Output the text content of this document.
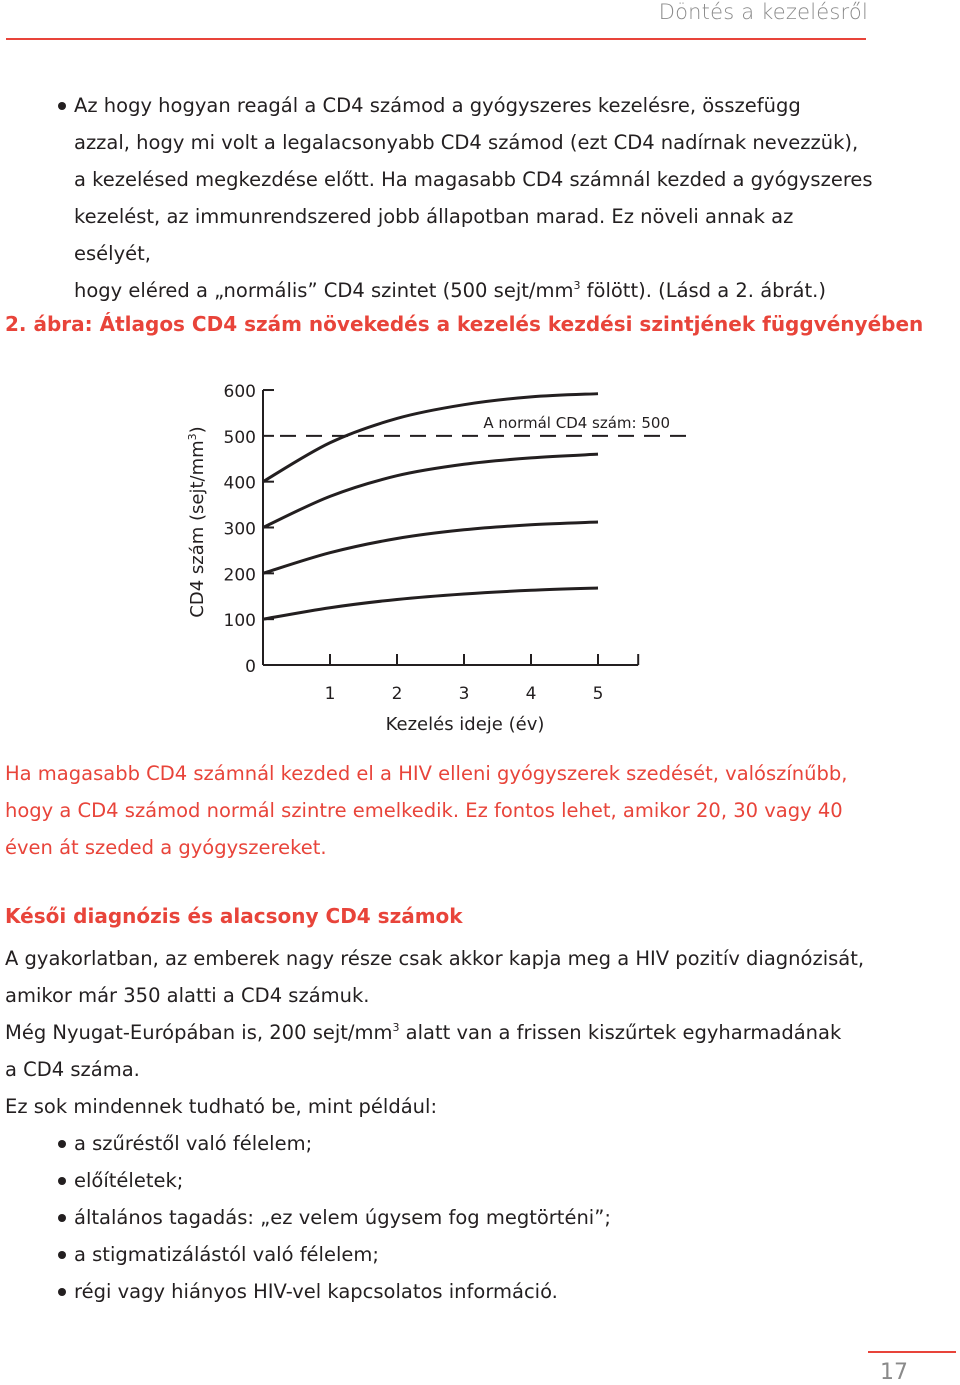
Döntés a kezelésről
Az hogy hogyan reagál a CD4 számod a gyógyszeres kezelésre, összefügg
azzal, hogy mi volt a legalacsonyabb CD4 számod (ezt CD4 nadírnak nevezzük),
a kezelésed megkezdése előtt. Ha magasabb CD4 számnál kezded a gyógyszeres
kezelést, az immunrendszered jobb állapotban marad. Ez növeli annak az esélyét,
hogy eléred a „normális” CD4 szintet (500 sejt/$mm^3$ fölött). (Lásd a 2. ábrát.)
2. ábra: Átlagos CD4 szám növekedés a kezelés kezdési szintjének függvényében
0
100
200
300
400
500
600
1	2	3	4	5
Kezelés ideje (év)
CD4 szám $(sejt/mm^3)$	A normál CD4 szám: 500
Ha magasabb CD4 számnál kezded el a HIV elleni gyógyszerek szedését, valószínűbb,
hogy a CD4 számod normál szintre emelkedik. Ez fontos lehet, amikor 20, 30 vagy 40
éven át szeded a gyógyszereket.
Késői diagnózis és alacsony CD4 számok
A gyakorlatban, az emberek nagy része csak akkor kapja meg a HIV pozitív diagnózisát,
amikor már 350 alatti a CD4 számuk.
Még Nyugat-Európában is, 200 sejt/$mm^3$ alatt van a frissen kiszűrtek egyharmadának
a CD4 száma.
Ez sok mindennek tudható be, mint például:
a szűréstől való félelem;
előítéletek;
általános tagadás: „ez velem úgysem fog megtörténi”;
a stigmatizálástól való félelem;
régi vagy hiányos HIV-vel kapcsolatos információ.
17
